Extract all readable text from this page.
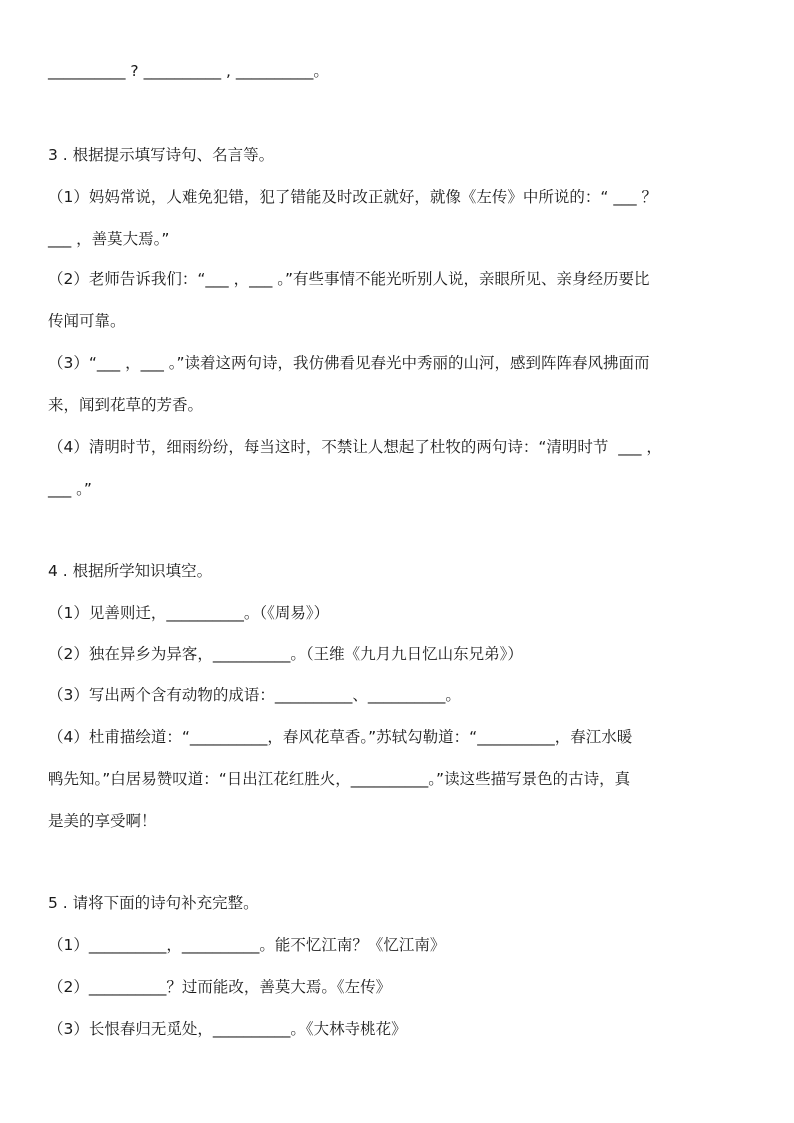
__________ ? __________ , __________。
3 . 根据提示填写诗句、名言等。
（1）妈妈常说，人难免犯错，犯了错能及时改正就好，就像《左传》中所说的：“ ___ ？
___ ，善莫大焉。”
（2）老师告诉我们：“___ ，___ 。”有些事情不能光听别人说，亲眼所见、亲身经历要比
传闻可靠。
（3）“___ ，___ 。”读着这两句诗，我仿佛看见春光中秀丽的山河，感到阵阵春风拂面而
来，闻到花草的芳香。
（4）清明时节，细雨纷纷，每当这时，不禁让人想起了杜牧的两句诗：“清明时节  ___ ，
___ 。”
4 . 根据所学知识填空。
（1）见善则迁，__________。（《周易》）
（2）独在异乡为异客，__________。（王维《九月九日忆山东兄弟》）
（3）写出两个含有动物的成语：__________、__________。
（4）杜甫描绘道：“__________，春风花草香。”苏轼勾勒道：“__________，春江水暖
鸭先知。”白居易赞叹道：“日出江花红胜火，__________。”读这些描写景色的古诗，真
是美的享受啊！
5 . 请将下面的诗句补充完整。
（1）__________，__________。能不忆江南？《忆江南》
（2）__________？过而能改，善莫大焉。《左传》
（3）长恨春归无觅处，__________。《大林寺桃花》
